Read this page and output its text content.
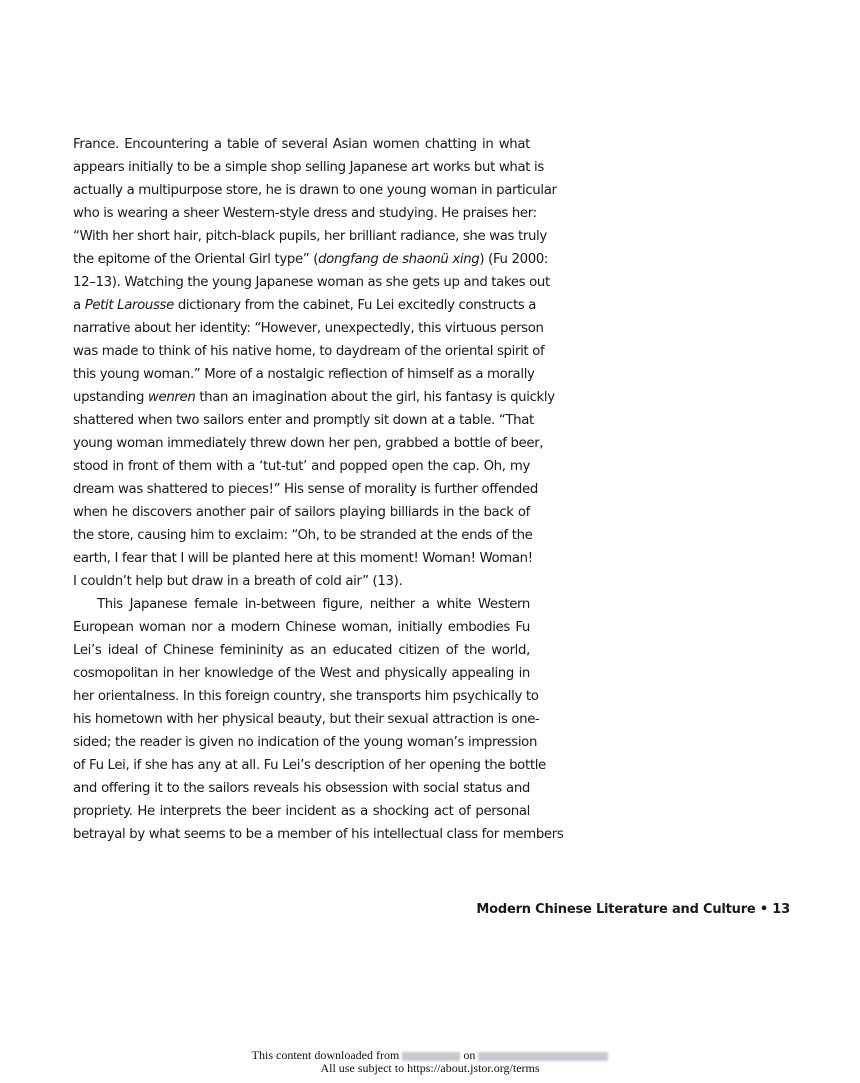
France. Encountering a table of several Asian women chatting in what
appears initially to be a simple shop selling Japanese art works but what is
actually a multipurpose store, he is drawn to one young woman in particular
who is wearing a sheer Western-style dress and studying. He praises her:
“With her short hair, pitch-black pupils, her brilliant radiance, she was truly
the epitome of the Oriental Girl type” (dongfang de shaonü xing) (Fu 2000:
12–13). Watching the young Japanese woman as she gets up and takes out
a Petit Larousse dictionary from the cabinet, Fu Lei excitedly constructs a
narrative about her identity: “However, unexpectedly, this virtuous person
was made to think of his native home, to daydream of the oriental spirit of
this young woman.” More of a nostalgic reflection of himself as a morally
upstanding wenren than an imagination about the girl, his fantasy is quickly
shattered when two sailors enter and promptly sit down at a table. “That
young woman immediately threw down her pen, grabbed a bottle of beer,
stood in front of them with a ‘tut-tut’ and popped open the cap. Oh, my
dream was shattered to pieces!” His sense of morality is further offended
when he discovers another pair of sailors playing billiards in the back of
the store, causing him to exclaim: “Oh, to be stranded at the ends of the
earth, I fear that I will be planted here at this moment! Woman! Woman!
I couldn’t help but draw in a breath of cold air” (13).
This Japanese female in-between figure, neither a white Western
European woman nor a modern Chinese woman, initially embodies Fu
Lei’s ideal of Chinese femininity as an educated citizen of the world,
cosmopolitan in her knowledge of the West and physically appealing in
her orientalness. In this foreign country, she transports him psychically to
his hometown with her physical beauty, but their sexual attraction is one-
sided; the reader is given no indication of the young woman’s impression
of Fu Lei, if she has any at all. Fu Lei’s description of her opening the bottle
and offering it to the sailors reveals his obsession with social status and
propriety. He interprets the beer incident as a shocking act of personal
betrayal by what seems to be a member of his intellectual class for members
Modern Chinese Literature and Culture • 13
This content downloaded from	on
All use subject to https://about.jstor.org/terms
